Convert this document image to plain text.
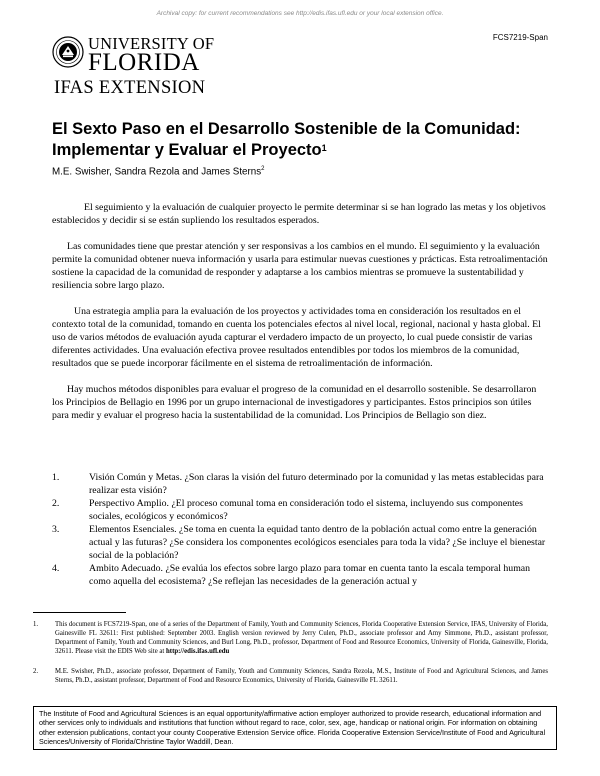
Archival copy: for current recommendations see http://edis.ifas.ufl.edu or your local extension office.
FCS7219-Span
UNIVERSITY OF
FLORIDA
IFAS EXTENSION
El Sexto Paso en el Desarrollo Sostenible de la Comunidad: Implementar y Evaluar el Proyecto$^1$
M.E. Swisher, Sandra Rezola and James Sterns$^2$

El seguimiento y la evaluación de cualquier proyecto le permite determinar si se han logrado las metas y los objetivos establecidos y decidir si se están supliendo los resultados esperados.

Las comunidades tiene que prestar atención y ser responsivas a los cambios en el mundo. El seguimiento y la evaluación permite la comunidad obtener nueva información y usarla para estimular nuevas cuestiones y prácticas. Esta retroalimentación sostiene la capacidad de la comunidad de responder y adaptarse a los cambios mientras se promueve la sustentabilidad y resiliencia sobre largo plazo.

Una estrategia amplia para la evaluación de los proyectos y actividades toma en consideración los resultados en el contexto total de la comunidad, tomando en cuenta los potenciales efectos al nivel local, regional, nacional y hasta global. El uso de varios métodos de evaluación ayuda capturar el verdadero impacto de un proyecto, lo cual puede consistir de varias diferentes actividades. Una evaluación efectiva provee resultados entendibles por todos los miembros de la comunidad, resultados que se puede incorporar fácilmente en el sistema de retroalimentación de información.

Hay muchos métodos disponibles para evaluar el progreso de la comunidad en el desarrollo sostenible. Se desarrollaron los Principios de Bellagio en 1996 por un grupo internacional de investigadores y participantes. Estos principios son útiles para medir y evaluar el progreso hacia la sustentabilidad de la comunidad. Los Principios de Bellagio son diez.

1.	Visión Común y Metas. ¿Son claras la visión del futuro determinado por la comunidad y las metas establecidas para realizar esta visión?
2.	Perspectivo Amplio. ¿El proceso comunal toma en consideración todo el sistema, incluyendo sus componentes sociales, ecológicos y económicos?
3.	Elementos Esenciales. ¿Se toma en cuenta la equidad tanto dentro de la población actual como entre la generación actual y las futuras? ¿Se considera los componentes ecológicos esenciales para toda la vida? ¿Se incluye el bienestar social de la población?
4.	Ambito Adecuado. ¿Se evalúa los efectos sobre largo plazo para tomar en cuenta tanto la escala temporal human como aquella del ecosistema? ¿Se reflejan las necesidades de la generación actual y
1. This document is FCS7219-Span, one of a series of the Department of Family, Youth and Community Sciences, Florida Cooperative Extension Service, IFAS, University of Florida, Gainesville FL 32611: First published: September 2003. English version reviewed by Jerry Culen, Ph.D., associate professor and Amy Simmone, Ph.D., assistant professor, Department of Family, Youth and Community Sciences, and Burl Long, Ph.D., professor, Department of Food and Resource Economics, University of Florida, Gainesville, Florida, 32611. Please visit the EDIS Web site at http://edis.ifas.ufl.edu
2. M.E. Swisher, Ph.D., associate professor, Department of Family, Youth and Community Sciences, Sandra Rezola, M.S., Institute of Food and Agricultural Sciences, and James Sterns, Ph.D., assistant professor, Department of Food and Resource Economics, University of Florida, Gainesville FL 32611.
The Institute of Food and Agricultural Sciences is an equal opportunity/affirmative action employer authorized to provide research, educational information and other services only to individuals and institutions that function without regard to race, color, sex, age, handicap or national origin. For information on obtaining other extension publications, contact your county Cooperative Extension Service office. Florida Cooperative Extension Service/Institute of Food and Agricultural Sciences/University of Florida/Christine Taylor Waddill, Dean.
